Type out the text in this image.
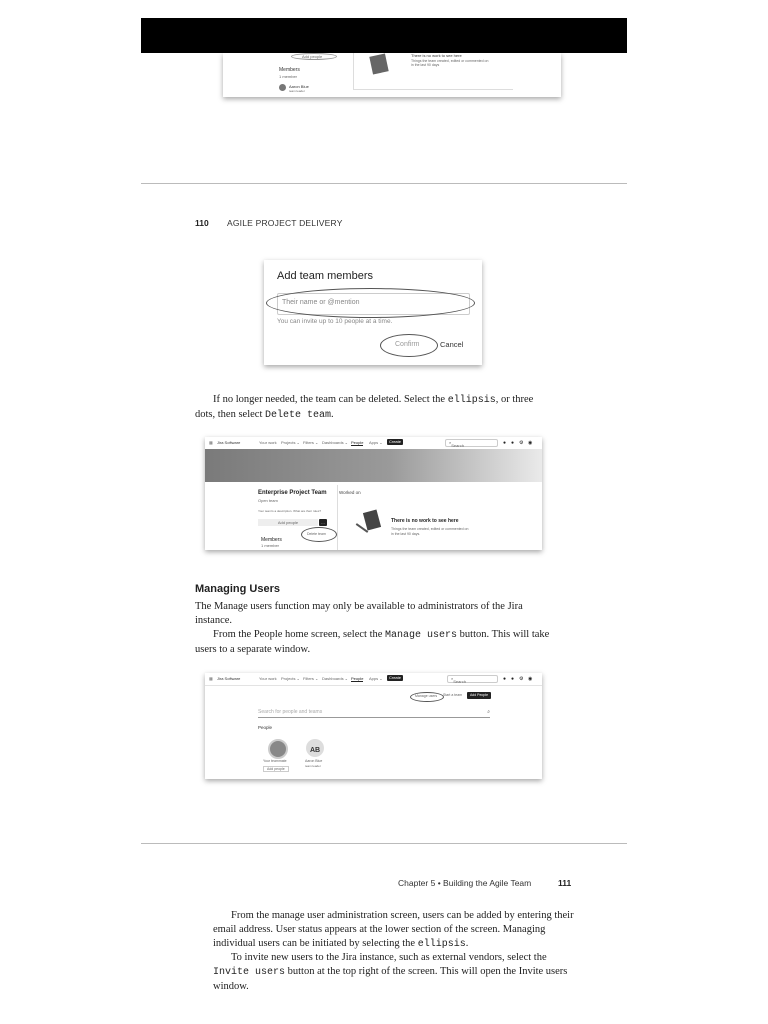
Add people
Members
1 member
Aaron Blue
team leader
There is no work to see here
Things the team created, edited or commented on
in the last 90 days
110 AGILE PROJECT DELIVERY
Add team members
Their name or @mention
You can invite up to 10 people at a time.
Confirm	Cancel
If no longer needed, the team can be deleted. Select the ellipsis, or three dots, then select Delete team.
▦ Jira Software	Your work Projects ⌄ Filters ⌄ Dashboards ⌄ People Apps ⌄	Create	⌕
Search	● ● ⚙ ◉
Enterprise Project Team
Open team
Your team's a description. What are their roles?
Add people	…
Delete team
Members
1 member
Worked on
There is no work to see here
Things the team created, edited or commented on
in the last 90 days.
Managing Users
The Manage users function may only be available to administrators of the Jira instance.
From the People home screen, select the Manage users button. This will take users to a separate window.
▦ Jira Software	Your work Projects ⌄ Filters ⌄ Dashboards ⌄ People Apps ⌄	Create	⌕
Search	● ● ⚙ ◉
Manage users Start a team	Add People
Search for people and teams	⌕
People
Your teammate
Add people
AB
Aaron Blue
team leader
Chapter 5 • Building the Agile Team	111
From the manage user administration screen, users can be added by entering their email address. User status appears at the lower section of the screen. Managing individual users can be initiated by selecting the ellipsis.
To invite new users to the Jira instance, such as external vendors, select the Invite users button at the top right of the screen. This will open the Invite users window.
